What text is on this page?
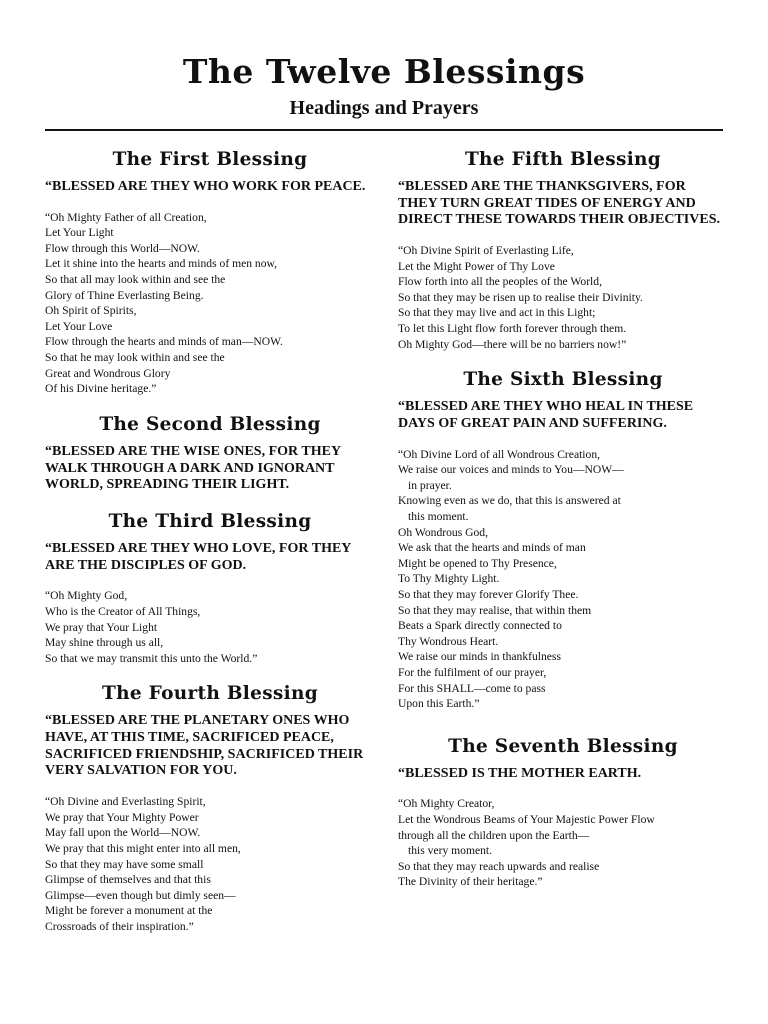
The Twelve Blessings
Headings and Prayers
The First Blessing
“BLESSED ARE THEY WHO WORK FOR PEACE.
“Oh Mighty Father of all Creation,
Let Your Light
Flow through this World—NOW.
Let it shine into the hearts and minds of men now,
So that all may look within and see the
Glory of Thine Everlasting Being.
Oh Spirit of Spirits,
Let Your Love
Flow through the hearts and minds of man—NOW.
So that he may look within and see the
Great and Wondrous Glory
Of his Divine heritage.”
The Second Blessing
“BLESSED ARE THE WISE ONES, FOR THEY WALK THROUGH A DARK AND IGNORANT WORLD, SPREADING THEIR LIGHT.
The Third Blessing
“BLESSED ARE THEY WHO LOVE, FOR THEY ARE THE DISCIPLES OF GOD.
“Oh Mighty God,
Who is the Creator of All Things,
We pray that Your Light
May shine through us all,
So that we may transmit this unto the World.”
The Fourth Blessing
“BLESSED ARE THE PLANETARY ONES WHO HAVE, AT THIS TIME, SACRIFICED PEACE, SACRIFICED FRIENDSHIP, SACRIFICED THEIR VERY SALVATION FOR YOU.
“Oh Divine and Everlasting Spirit,
We pray that Your Mighty Power
May fall upon the World—NOW.
We pray that this might enter into all men,
So that they may have some small
Glimpse of themselves and that this
Glimpse—even though but dimly seen—
Might be forever a monument at the
Crossroads of their inspiration.”
The Fifth Blessing
“BLESSED ARE THE THANKSGIVERS, FOR THEY TURN GREAT TIDES OF ENERGY AND DIRECT THESE TOWARDS THEIR OBJECTIVES.
“Oh Divine Spirit of Everlasting Life,
Let the Might Power of Thy Love
Flow forth into all the peoples of the World,
So that they may be risen up to realise their Divinity.
So that they may live and act in this Light;
To let this Light flow forth forever through them.
Oh Mighty God—there will be no barriers now!”
The Sixth Blessing
“BLESSED ARE THEY WHO HEAL IN THESE DAYS OF GREAT PAIN AND SUFFERING.
“Oh Divine Lord of all Wondrous Creation,
We raise our voices and minds to You—NOW—
in prayer.
Knowing even as we do, that this is answered at
this moment.
Oh Wondrous God,
We ask that the hearts and minds of man
Might be opened to Thy Presence,
To Thy Mighty Light.
So that they may forever Glorify Thee.
So that they may realise, that within them
Beats a Spark directly connected to
Thy Wondrous Heart.
We raise our minds in thankfulness
For the fulfilment of our prayer,
For this SHALL—come to pass
Upon this Earth.”
The Seventh Blessing
“BLESSED IS THE MOTHER EARTH.
“Oh Mighty Creator,
Let the Wondrous Beams of Your Majestic Power Flow
through all the children upon the Earth—
this very moment.
So that they may reach upwards and realise
The Divinity of their heritage.”
